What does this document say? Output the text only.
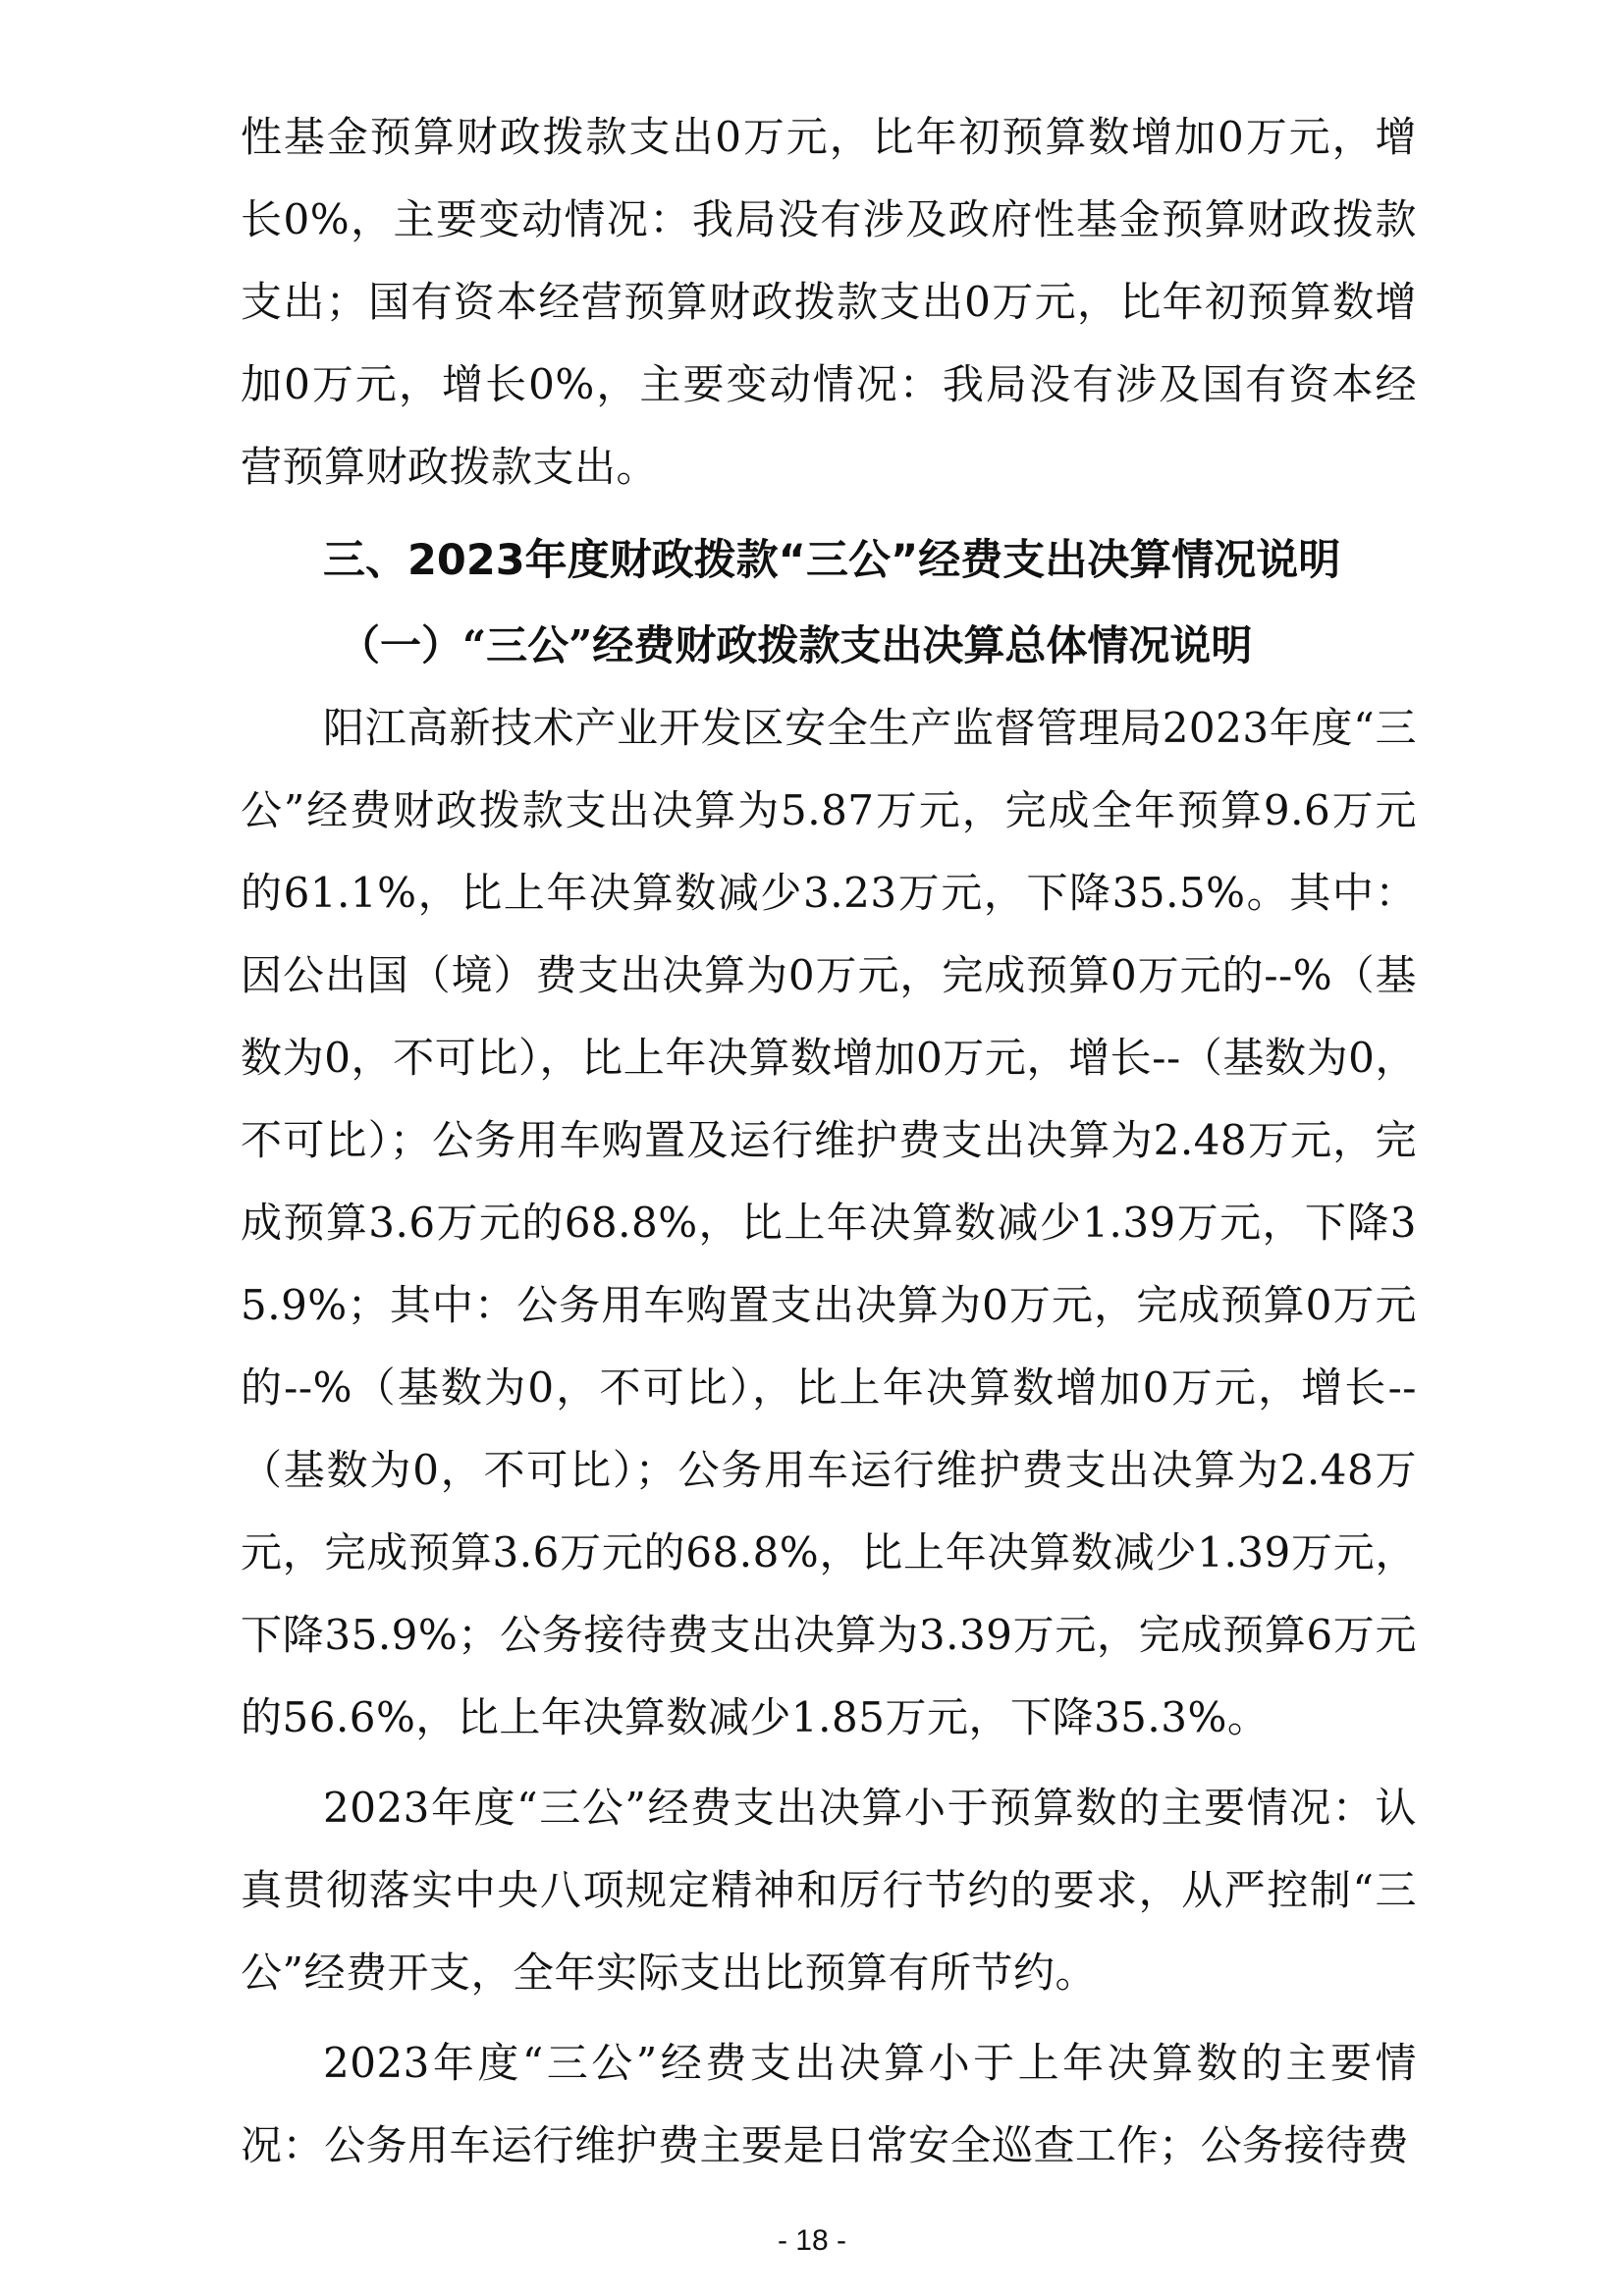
性基金预算财政拨款支出0万元，比年初预算数增加0万元，增长0%，主要变动情况：我局没有涉及政府性基金预算财政拨款支出；国有资本经营预算财政拨款支出0万元，比年初预算数增加0万元，增长0%，主要变动情况：我局没有涉及国有资本经营预算财政拨款支出。

三、2023年度财政拨款“三公”经费支出决算情况说明
（一）“三公”经费财政拨款支出决算总体情况说明

阳江高新技术产业开发区安全生产监督管理局2023年度“三公”经费财政拨款支出决算为5.87万元，完成全年预算9.6万元的61.1%，比上年决算数减少3.23万元，下降35.5%。其中：因公出国（境）费支出决算为0万元，完成预算0万元的--%（基数为0，不可比），比上年决算数增加0万元，增长--（基数为0，不可比）；公务用车购置及运行维护费支出决算为2.48万元，完成预算3.6万元的68.8%，比上年决算数减少1.39万元，下降35.9%；其中：公务用车购置支出决算为0万元，完成预算0万元的--%（基数为0，不可比），比上年决算数增加0万元，增长--（基数为0，不可比）；公务用车运行维护费支出决算为2.48万元，完成预算3.6万元的68.8%，比上年决算数减少1.39万元，下降35.9%；公务接待费支出决算为3.39万元，完成预算6万元的56.6%，比上年决算数减少1.85万元，下降35.3%。

2023年度“三公”经费支出决算小于预算数的主要情况：认真贯彻落实中央八项规定精神和厉行节约的要求，从严控制“三公”经费开支，全年实际支出比预算有所节约。

2023年度“三公”经费支出决算小于上年决算数的主要情况：公务用车运行维护费主要是日常安全巡查工作；公务接待费

- 18 -
